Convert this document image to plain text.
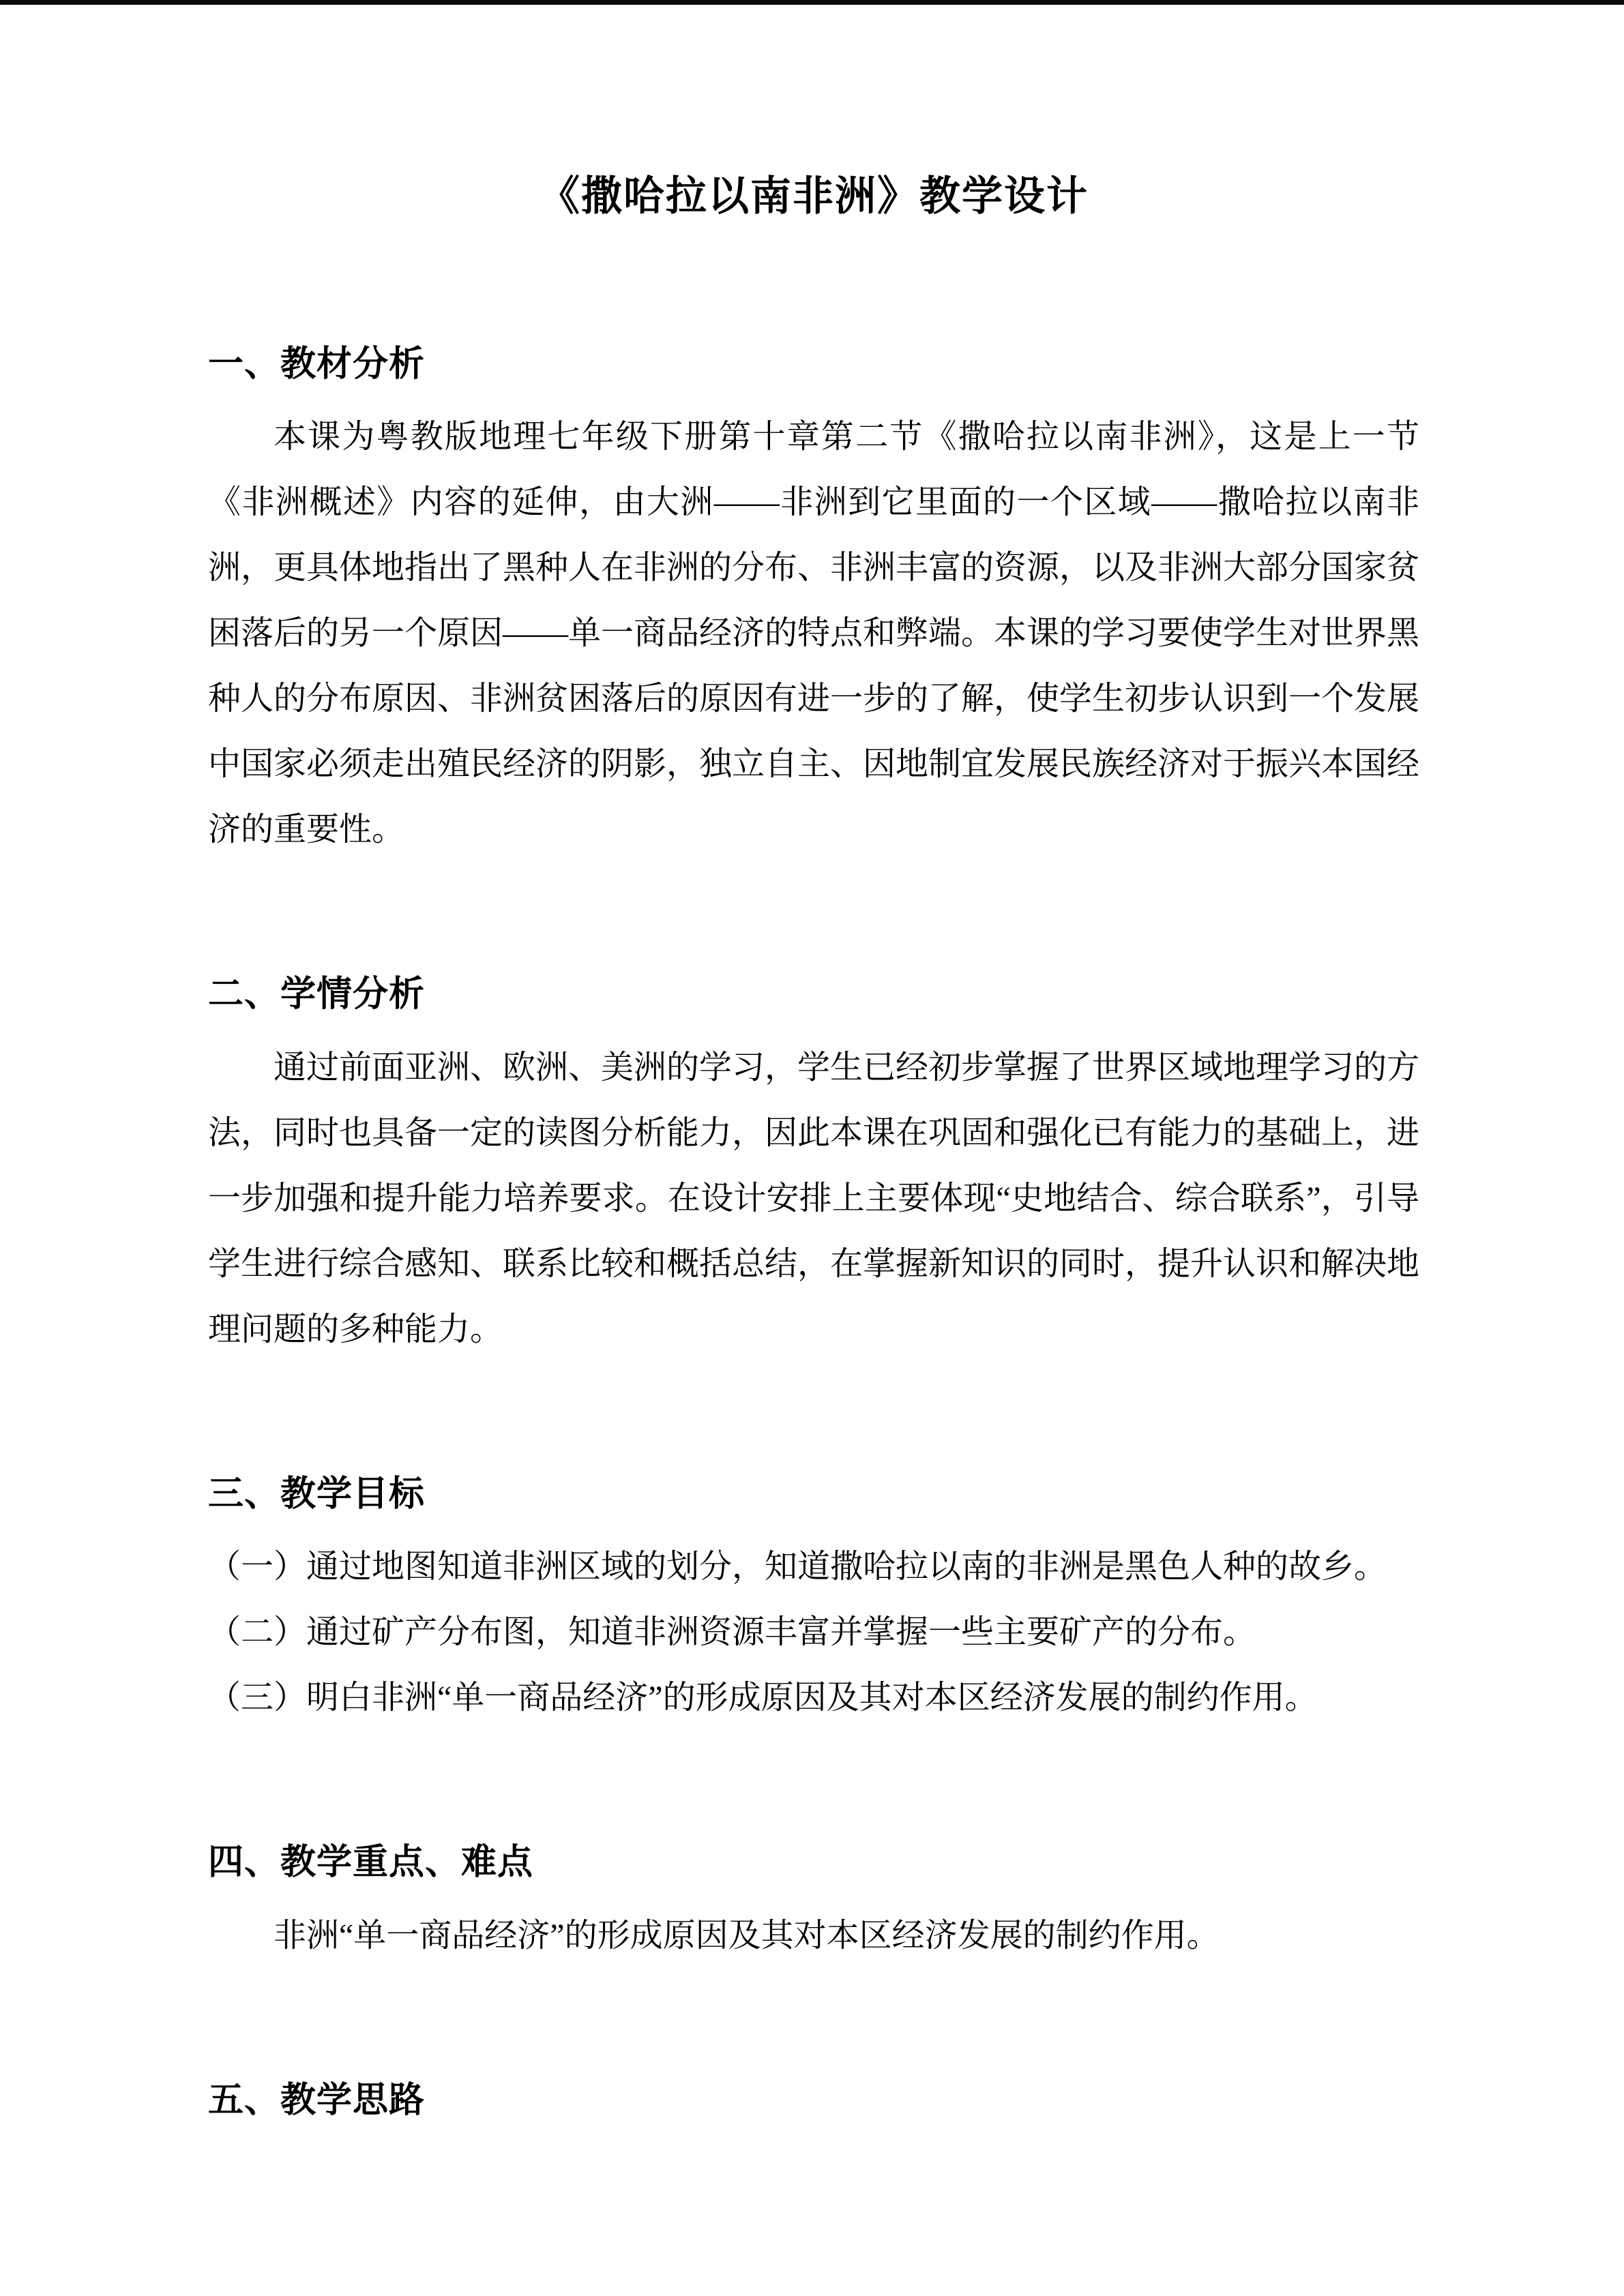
《撒哈拉以南非洲》教学设计
一、教材分析

本课为粤教版地理七年级下册第十章第二节《撒哈拉以南非洲》，这是上一节《非洲概述》内容的延伸，由大洲——非洲到它里面的一个区域——撒哈拉以南非洲，更具体地指出了黑种人在非洲的分布、非洲丰富的资源，以及非洲大部分国家贫困落后的另一个原因——单一商品经济的特点和弊端。本课的学习要使学生对世界黑种人的分布原因、非洲贫困落后的原因有进一步的了解，使学生初步认识到一个发展中国家必须走出殖民经济的阴影，独立自主、因地制宜发展民族经济对于振兴本国经济的重要性。

二、学情分析

通过前面亚洲、欧洲、美洲的学习，学生已经初步掌握了世界区域地理学习的方法，同时也具备一定的读图分析能力，因此本课在巩固和强化已有能力的基础上，进一步加强和提升能力培养要求。在设计安排上主要体现“史地结合、综合联系”，引导学生进行综合感知、联系比较和概括总结，在掌握新知识的同时，提升认识和解决地理问题的多种能力。

三、教学目标

（一）通过地图知道非洲区域的划分，知道撒哈拉以南的非洲是黑色人种的故乡。

（二）通过矿产分布图，知道非洲资源丰富并掌握一些主要矿产的分布。

（三）明白非洲“单一商品经济”的形成原因及其对本区经济发展的制约作用。

四、教学重点、难点

非洲“单一商品经济”的形成原因及其对本区经济发展的制约作用。

五、教学思路
